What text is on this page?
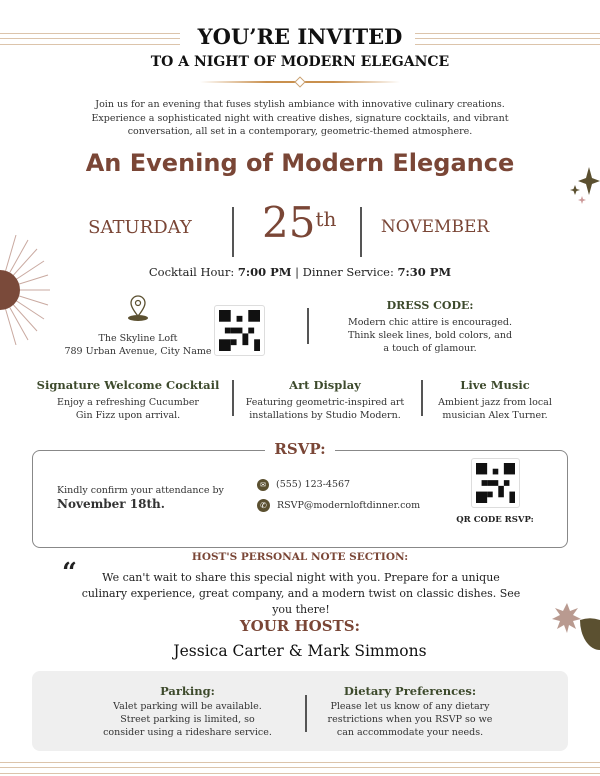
YOU’RE INVITED
TO A NIGHT OF MODERN ELEGANCE
Join us for an evening that fuses stylish ambiance with innovative culinary creations. Experience a sophisticated night with creative dishes, signature cocktails, and vibrant conversation, all set in a contemporary, geometric-themed atmosphere.
An Evening of Modern Elegance
SATURDAY	25th	NOVEMBER
Cocktail Hour: 7:00 PM | Dinner Service: 7:30 PM
The Skyline Loft
789 Urban Avenue, City Name
DRESS CODE:
Modern chic attire is encouraged. Think sleek lines, bold colors, and a touch of glamour.
Signature Welcome Cocktail
Enjoy a refreshing Cucumber Gin Fizz upon arrival.
Art Display
Featuring geometric-inspired art installations by Studio Modern.
Live Music
Ambient jazz from local musician Alex Turner.
RSVP:
Kindly confirm your attendance by
November 18th.
✉	(555) 123-4567
✆	RSVP@modernloftdinner.com
QR CODE RSVP:
HOST'S PERSONAL NOTE SECTION:
“	We can't wait to share this special night with you. Prepare for a unique culinary experience, great company, and a modern twist on classic dishes. See you there!
YOUR HOSTS:
Jessica Carter & Mark Simmons
Parking:
Valet parking will be available. Street parking is limited, so consider using a rideshare service.
Dietary Preferences:
Please let us know of any dietary restrictions when you RSVP so we can accommodate your needs.
